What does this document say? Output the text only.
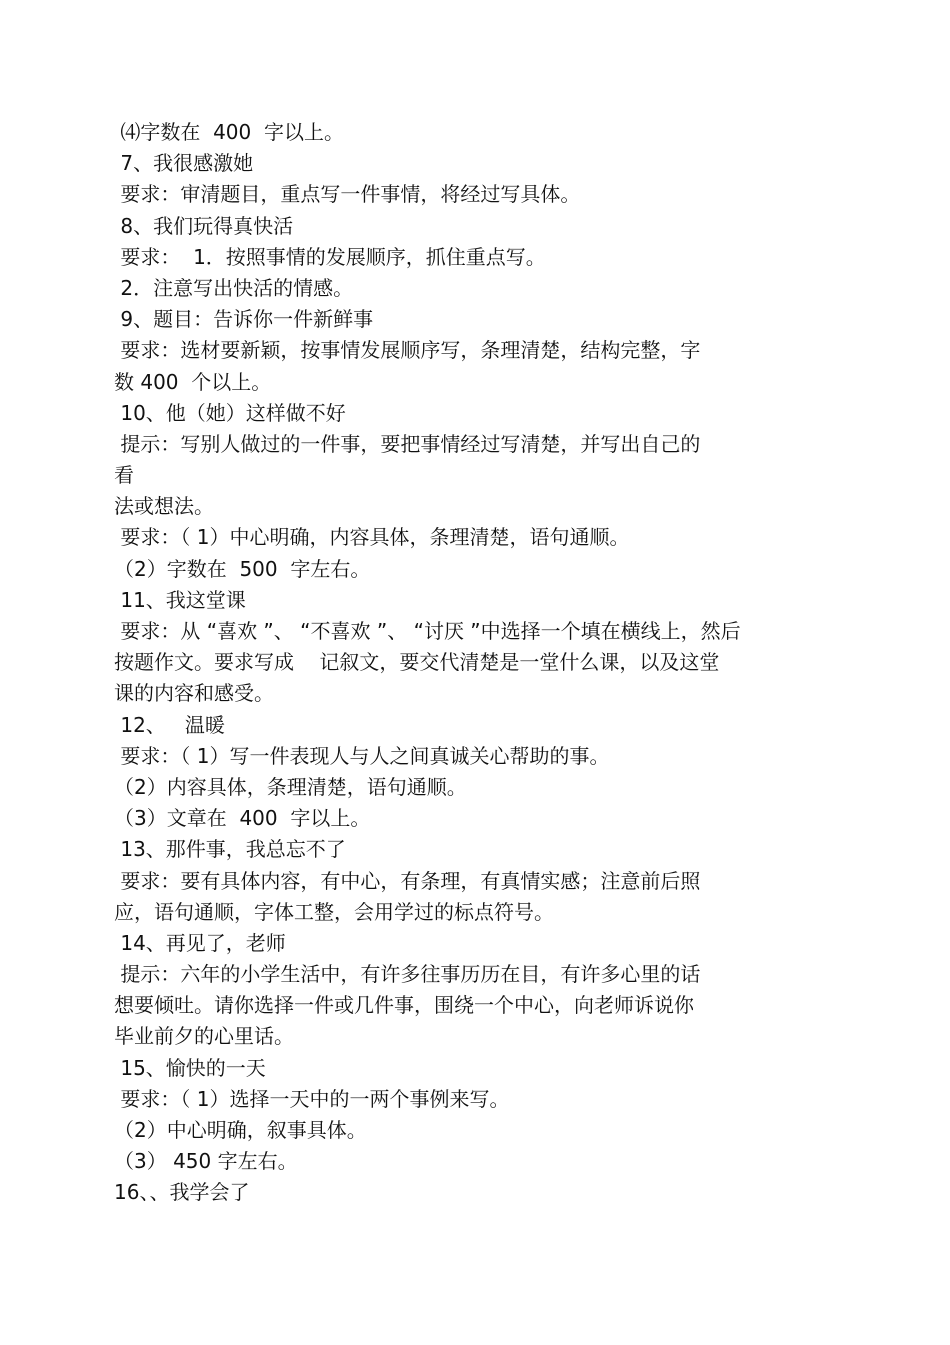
⑷字数在  400  字以上。

7、我很感激她

要求：审清题目，重点写一件事情，将经过写具体。

8、我们玩得真快活

要求：  1．按照事情的发展顺序，抓住重点写。

2．注意写出快活的情感。

9、题目：告诉你一件新鲜事

要求：选材要新颖，按事情发展顺序写，条理清楚，结构完整，字

数 400  个以上。

10、他（她）这样做不好

提示：写别人做过的一件事，要把事情经过写清楚，并写出自己的

看

法或想法。

要求：（ 1）中心明确，内容具体，条理清楚，语句通顺。

（2）字数在  500  字左右。

11、我这堂课

要求：从 “喜欢 ”、 “不喜欢 ”、 “讨厌 ”中选择一个填在横线上，然后

按题作文。要求写成    记叙文，要交代清楚是一堂什么课，以及这堂

课的内容和感受。

12、   温暖

要求：（ 1）写一件表现人与人之间真诚关心帮助的事。

（2）内容具体，条理清楚，语句通顺。

（3）文章在  400  字以上。

13、那件事，我总忘不了

要求：要有具体内容，有中心，有条理，有真情实感；注意前后照

应，语句通顺，字体工整，会用学过的标点符号。

14、再见了，老师

提示：六年的小学生活中，有许多往事历历在目，有许多心里的话

想要倾吐。请你选择一件或几件事，围绕一个中心，向老师诉说你

毕业前夕的心里话。

15、愉快的一天

要求：（ 1）选择一天中的一两个事例来写。

（2）中心明确，叙事具体。

（3） 450 字左右。

16、、我学会了
